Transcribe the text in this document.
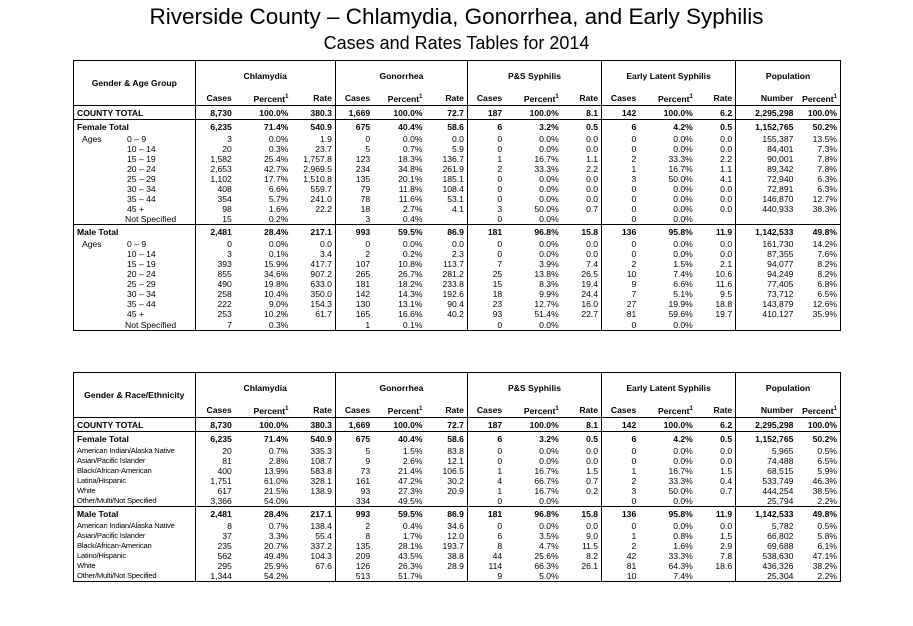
Riverside County – Chlamydia, Gonorrhea, and Early Syphilis
Cases and Rates Tables for 2014
Gender & Age Group	Chlamydia			Gonorrhea			P&S Syphilis			Early Latent Syphilis			Population	
	Cases	Percent$^1$	Rate	Cases	Percent$^1$	Rate	Cases	Percent$^1$	Rate	Cases	Percent$^1$	Rate	Number	Percent$^1$
COUNTY TOTAL	8,730	100.0%	380.3	1,669	100.0%	72.7	187	100.0%	8.1	142	100.0%	6.2	2,295,298	100.0%
Female Total	6,235	71.4%	540.9	675	40.4%	58.6	6	3.2%	0.5	6	4.2%	0.5	1,152,765	50.2%

Ages 0 – 9	3	0.0%	1.9	0	0.0%	0.0	0	0.0%	0.0	0	0.0%	0.0	155,387	13.5%
10 – 14	20	0.3%	23.7	5	0.7%	5.9	0	0.0%	0.0	0	0.0%	0.0	84,401	7.3%
15 – 19	1,582	25.4%	1,757.8	123	18.3%	136.7	1	16.7%	1.1	2	33.3%	2.2	90,001	7.8%
20 – 24	2,653	42.7%	2,969.5	234	34.8%	261.9	2	33.3%	2.2	1	16.7%	1.1	89,342	7.8%
25 – 29	1,102	17.7%	1,510.8	135	20.1%	185.1	0	0.0%	0.0	3	50.0%	4.1	72,940	6.3%
30 – 34	408	6.6%	559.7	79	11.8%	108.4	0	0.0%	0.0	0	0.0%	0.0	72,891	6.3%
35 – 44	354	5.7%	241.0	78	11.6%	53.1	0	0.0%	0.0	0	0.0%	0.0	146,870	12.7%
45 +	98	1.6%	22.2	18	2.7%	4.1	3	50.0%	0.7	0	0.0%	0.0	440,933	38.3%
Not Specified	15	0.2%		3	0.4%		0	0.0%		0	0.0%			
Male Total	2,481	28.4%	217.1	993	59.5%	86.9	181	96.8%	15.8	136	95.8%	11.9	1,142,533	49.8%

Ages 0 – 9	0	0.0%	0.0	0	0.0%	0.0	0	0.0%	0.0	0	0.0%	0.0	161,730	14.2%
10 – 14	3	0.1%	3.4	2	0.2%	2.3	0	0.0%	0.0	0	0.0%	0.0	87,355	7.6%
15 – 19	393	15.9%	417.7	107	10.8%	113.7	7	3.9%	7.4	2	1.5%	2.1	94,077	8.2%
20 – 24	855	34.6%	907.2	265	26.7%	281.2	25	13.8%	26.5	10	7.4%	10.6	94,249	8.2%
25 – 29	490	19.8%	633.0	181	18.2%	233.8	15	8.3%	19.4	9	6.6%	11.6	77,405	6.8%
30 – 34	258	10.4%	350.0	142	14.3%	192.6	18	9.9%	24.4	7	5.1%	9.5	73,712	6.5%
35 – 44	222	9.0%	154.3	130	13.1%	90.4	23	12.7%	16.0	27	19.9%	18.8	143,879	12.6%
45 +	253	10.2%	61.7	165	16.6%	40.2	93	51.4%	22.7	81	59.6%	19.7	410,127	35.9%
Not Specified	7	0.3%		1	0.1%		0	0.0%		0	0.0%			
Gender & Race/Ethnicity	Chlamydia			Gonorrhea			P&S Syphilis			Early Latent Syphilis			Population	
	Cases	Percent$^1$	Rate	Cases	Percent$^1$	Rate	Cases	Percent$^1$	Rate	Cases	Percent$^1$	Rate	Number	Percent$^1$
COUNTY TOTAL	8,730	100.0%	380.3	1,669	100.0%	72.7	187	100.0%	8.1	142	100.0%	6.2	2,295,298	100.0%
Female Total	6,235	71.4%	540.9	675	40.4%	58.6	6	3.2%	0.5	6	4.2%	0.5	1,152,765	50.2%
American Indian/Alaska Native	20	0.7%	335.3	5	1.5%	83.8	0	0.0%	0.0	0	0.0%	0.0	5,965	0.5%
Asian/Pacific Islander	81	2.8%	108.7	9	2.6%	12.1	0	0.0%	0.0	0	0.0%	0.0	74,488	6.5%
Black/African-American	400	13.9%	583.8	73	21.4%	106.5	1	16.7%	1.5	1	16.7%	1.5	68,515	5.9%
Latina/Hispanic	1,751	61.0%	328.1	161	47.2%	30.2	4	66.7%	0.7	2	33.3%	0.4	533,749	46.3%
White	617	21.5%	138.9	93	27.3%	20.9	1	16.7%	0.2	3	50.0%	0.7	444,254	38.5%
Other/Multi/Not Specified	3,366	54.0%		334	49.5%		0	0.0%		0	0.0%		25,794	2.2%
Male Total	2,481	28.4%	217.1	993	59.5%	86.9	181	96.8%	15.8	136	95.8%	11.9	1,142,533	49.8%
American Indian/Alaska Native	8	0.7%	138.4	2	0.4%	34.6	0	0.0%	0.0	0	0.0%	0.0	5,782	0.5%
Asian/Pacific Islander	37	3.3%	55.4	8	1.7%	12.0	6	3.5%	9.0	1	0.8%	1.5	66,802	5.8%
Black/African-American	235	20.7%	337.2	135	28.1%	193.7	8	4.7%	11.5	2	1.6%	2.9	69,688	6.1%
Latino/Hispanic	562	49.4%	104.3	209	43.5%	38.8	44	25.6%	8.2	42	33.3%	7.8	538,630	47.1%
White	295	25.9%	67.6	126	26.3%	28.9	114	66.3%	26.1	81	64.3%	18.6	436,326	38.2%
Other/Multi/Not Specified	1,344	54.2%		513	51.7%		9	5.0%		10	7.4%		25,304	2.2%
